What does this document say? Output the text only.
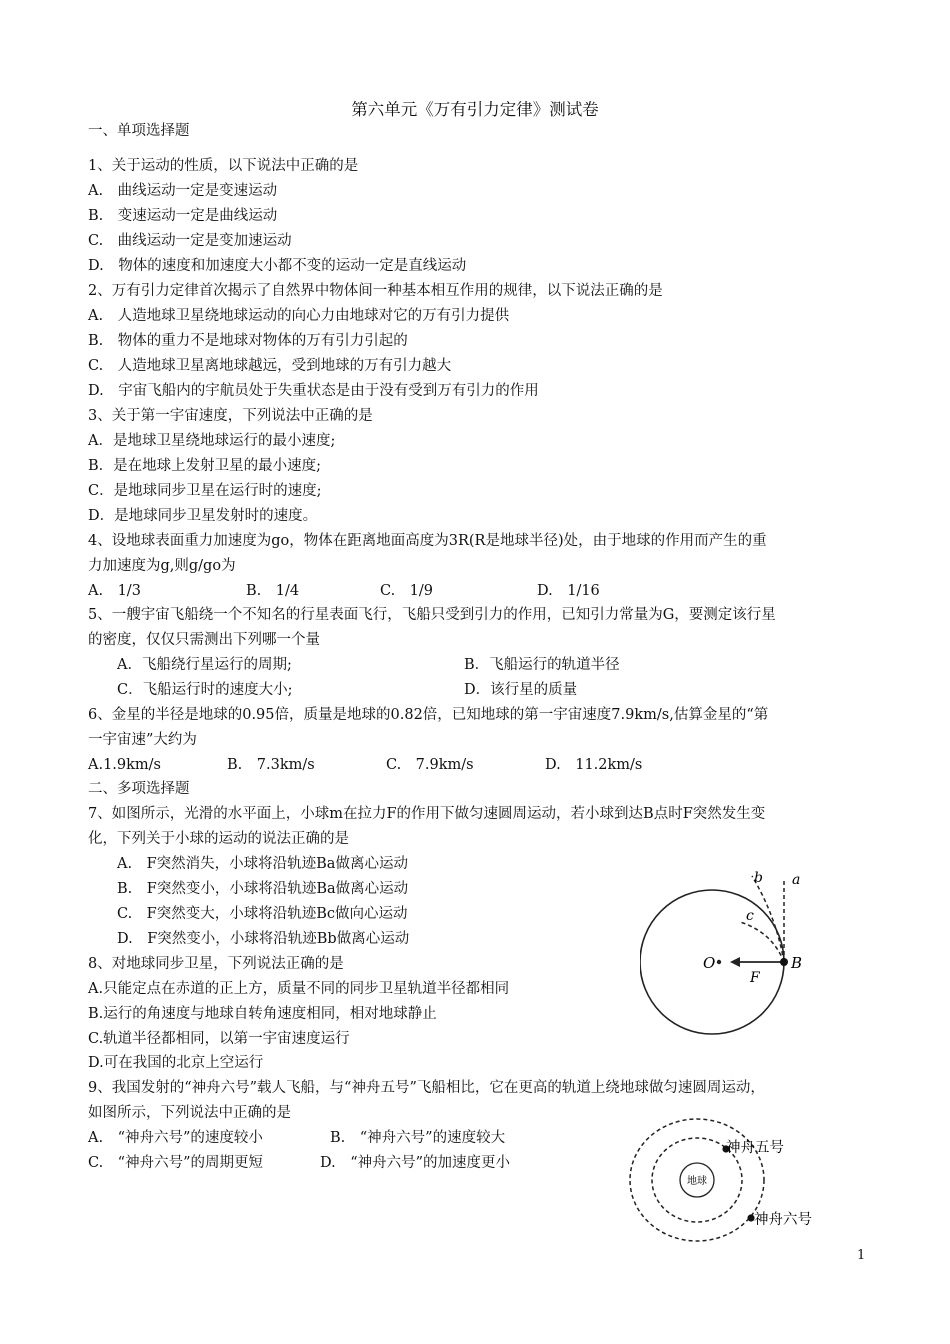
第六单元《万有引力定律》测试卷
一、单项选择题
1、关于运动的性质，以下说法中正确的是
A.　曲线运动一定是变速运动
B.　变速运动一定是曲线运动
C.　曲线运动一定是变加速运动
D.　物体的速度和加速度大小都不变的运动一定是直线运动
2、万有引力定律首次揭示了自然界中物体间一种基本相互作用的规律，以下说法正确的是
A.　人造地球卫星绕地球运动的向心力由地球对它的万有引力提供
B.　物体的重力不是地球对物体的万有引力引起的
C.　人造地球卫星离地球越远，受到地球的万有引力越大
D.　宇宙飞船内的宇航员处于失重状态是由于没有受到万有引力的作用
3、关于第一宇宙速度，下列说法中正确的是
A．是地球卫星绕地球运行的最小速度;
B．是在地球上发射卫星的最小速度;
C．是地球同步卫星在运行时的速度;
D．是地球同步卫星发射时的速度。
4、设地球表面重力加速度为go，物体在距离地面高度为3R(R是地球半径)处，由于地球的作用而产生的重
力加速度为g,则g/go为
A.　1/3	B.　1/4	C.　1/9	D.　1/16
5、一艘宇宙飞船绕一个不知名的行星表面飞行，飞船只受到引力的作用，已知引力常量为G，要测定该行星
的密度，仅仅只需测出下列哪一个量
A．飞船绕行星运行的周期;	B．飞船运行的轨道半径
C．飞船运行时的速度大小;	D．该行星的质量
6、金星的半径是地球的0.95倍，质量是地球的0.82倍，已知地球的第一宇宙速度7.9km/s,估算金星的“第
一宇宙速”大约为
A.1.9km/s	B.　7.3km/s	C.　7.9km/s	D.　11.2km/s
二、多项选择题
7、如图所示，光滑的水平面上，小球m在拉力F的作用下做匀速圆周运动，若小球到达B点时F突然发生变
化，下列关于小球的运动的说法正确的是
A.　F突然消失，小球将沿轨迹Ba做离心运动
B.　F突然变小，小球将沿轨迹Ba做离心运动
C.　F突然变大，小球将沿轨迹Bc做向心运动
D.　F突然变小，小球将沿轨迹Bb做离心运动
O	B
F
a
b
c
8、对地球同步卫星，下列说法正确的是
A.只能定点在赤道的正上方，质量不同的同步卫星轨道半径都相同
B.运行的角速度与地球自转角速度相同，相对地球静止
C.轨道半径都相同，以第一宇宙速度运行
D.可在我国的北京上空运行
9、我国发射的“神舟六号”载人飞船，与“神舟五号”飞船相比，它在更高的轨道上绕地球做匀速圆周运动，
如图所示，下列说法中正确的是
A.　“神舟六号”的速度较小	B.　“神舟六号”的速度较大
C.　“神舟六号”的周期更短	D.　“神舟六号”的加速度更小
地球
神舟五号
神舟六号
1
